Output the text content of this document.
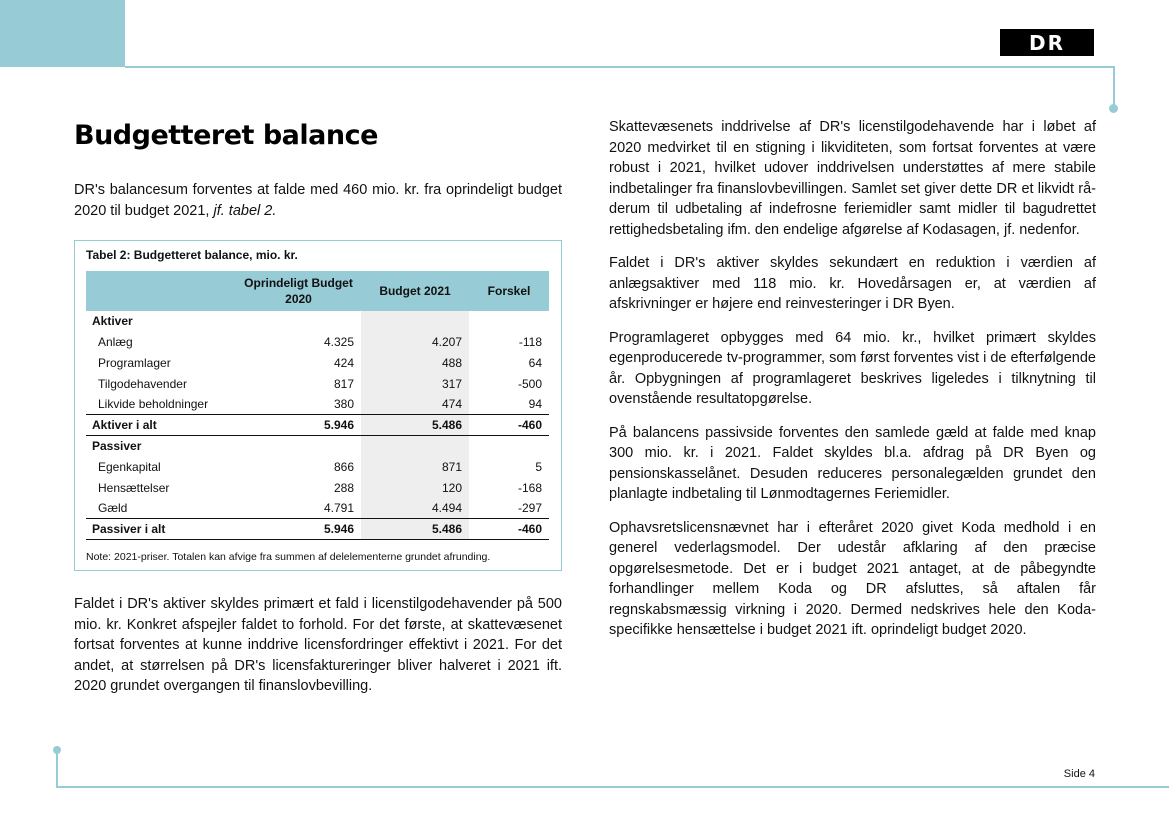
DR
Budgetteret balance

DR's balancesum forventes at falde med 460 mio. kr. fra oprindeligt budget 2020 til budget 2021, jf. tabel 2.

Tabel 2: Budgetteret balance, mio. kr.
	Oprindeligt Budget 2020	Budget 2021	Forskel
Aktiver			
Anlæg	4.325	4.207	-118
Programlager	424	488	64
Tilgodehavender	817	317	-500
Likvide beholdninger	380	474	94
Aktiver i alt	5.946	5.486	-460
Passiver			
Egenkapital	866	871	5
Hensættelser	288	120	-168
Gæld	4.791	4.494	-297
Passiver i alt	5.946	5.486	-460
Note: 2021-priser. Totalen kan afvige fra summen af delelementerne grundet afrunding.

Faldet i DR's aktiver skyldes primært et fald i licenstilgodehavender på 500 mio. kr. Konkret afspejler faldet to forhold. For det første, at skattevæsenet fortsat forventes at kunne inddrive licensfordringer effektivt i 2021. For det andet, at størrelsen på DR's licensfaktureringer bliver halveret i 2021 ift. 2020 grundet overgangen til finanslovbevilling.

Skattevæsenets inddrivelse af DR's licenstilgodehavende har i løbet af 2020 medvirket til en stigning i likviditeten, som fortsat forventes at være robust i 2021, hvilket udover inddrivelsen understøttes af mere stabile indbetalinger fra finanslovbevillingen. Samlet set giver dette DR et likvidt råderum til udbetaling af indefrosne feriemidler samt midler til bagudrettet rettighedsbetaling ifm. den endelige afgørelse af Kodasagen, jf. nedenfor.

Faldet i DR's aktiver skyldes sekundært en reduktion i værdien af anlægsaktiver med 118 mio. kr. Hovedårsagen er, at værdien af afskrivninger er højere end reinvesteringer i DR Byen.

Programlageret opbygges med 64 mio. kr., hvilket primært skyldes egenproducerede tv-programmer, som først forventes vist i de efterfølgende år. Opbygningen af programlageret beskrives ligeledes i tilknytning til ovenstående resultatopgørelse.

På balancens passivside forventes den samlede gæld at falde med knap 300 mio. kr. i 2021. Faldet skyldes bl.a. afdrag på DR Byen og pensionskasselånet. Desuden reduceres personalegælden grundet den planlagte indbetaling til Lønmodtagernes Feriemidler.

Ophavsretslicensnævnet har i efteråret 2020 givet Koda medhold i en generel vederlagsmodel. Der udestår afklaring af den præcise opgørelsesmetode. Det er i budget 2021 antaget, at de påbegyndte forhandlinger mellem Koda og DR afsluttes, så aftalen får regnskabsmæssig virkning i 2020. Dermed nedskrives hele den Koda-specifikke hensættelse i budget 2021 ift. oprindeligt budget 2020.

Side 4
